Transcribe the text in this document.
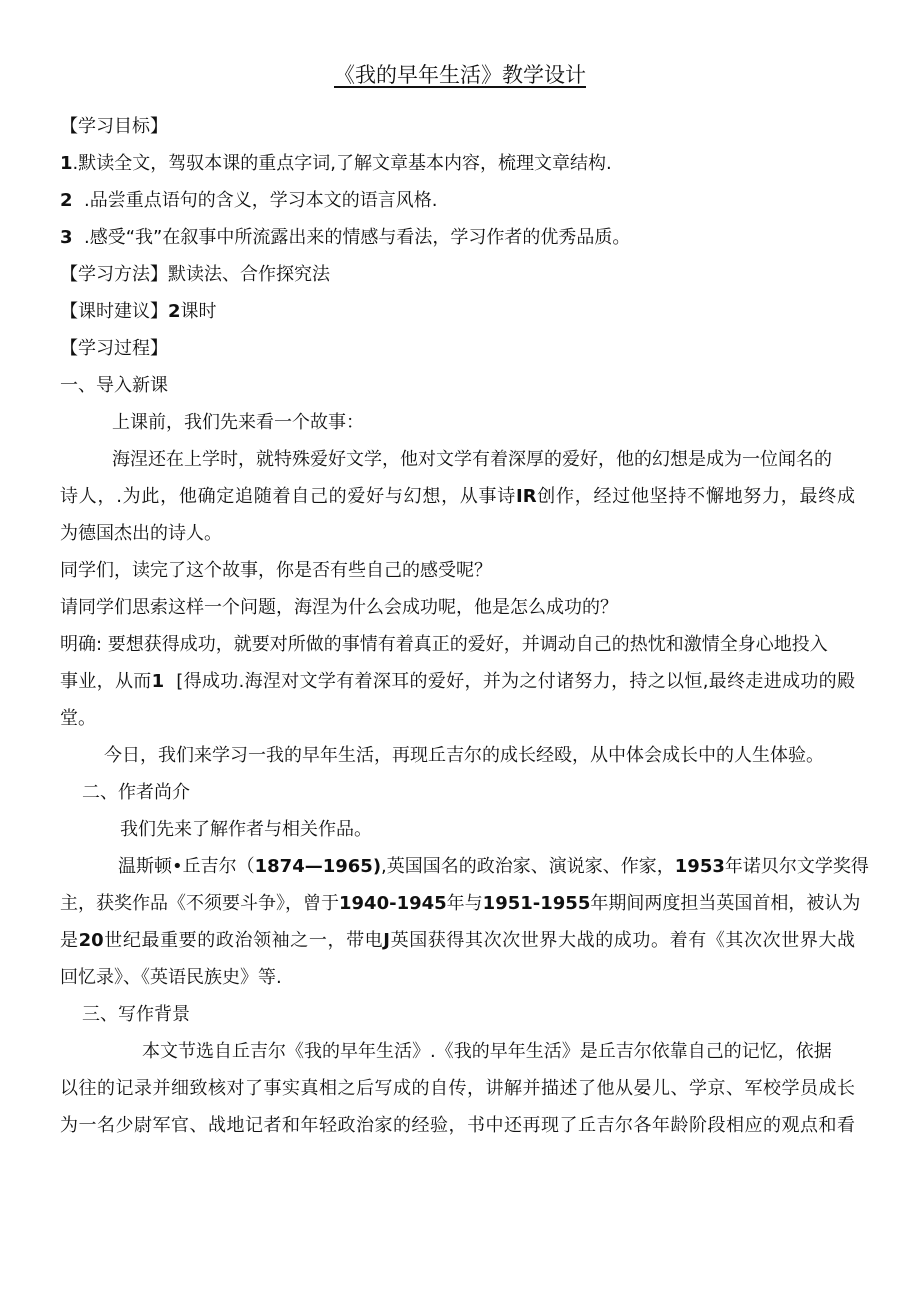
《我的早年生活》教学设计
【学习目标】
1.默读全文，驾驭本课的重点字词,了解文章基本内容，梳理文章结构.
2  .品尝重点语句的含义，学习本文的语言风格.
3  .感受“我”在叙事中所流露出来的情感与看法，学习作者的优秀品质。
【学习方法】默读法、合作探究法
【课时建议】2课时
【学习过程】
一、导入新课
上课前，我们先来看一个故事：
海涅还在上学时，就特殊爱好文学，他对文学有着深厚的爱好，他的幻想是成为一位闻名的
诗人，.为此，他确定追随着自己的爱好与幻想，从事诗IR创作，经过他坚持不懈地努力，最终成
为德国杰出的诗人。
同学们，读完了这个故事，你是否有些自己的感受呢？
请同学们思索这样一个问题，海涅为什么会成功呢，他是怎么成功的？
明确: 要想获得成功，就要对所做的事情有着真正的爱好，并调动自己的热忱和激情全身心地投入
事业，从而1  [得成功.海涅对文学有着深耳的爱好，并为之付诸努力，持之以恒,最终走进成功的殿
堂。
今日，我们来学习一我的早年生活，再现丘吉尔的成长经殴，从中体会成长中的人生体验。
二、作者尚介
我们先来了解作者与相关作品。
温斯顿•丘吉尔（1874—1965),英国国名的政治家、演说家、作家，1953年诺贝尔文学奖得
主，获奖作品《不须要斗争》，曾于1940-1945年与1951-1955年期间两度担当英国首相，被认为
是20世纪最重要的政治领袖之一，带电J英国获得其次次世界大战的成功。着有《其次次世界大战
回忆录》、《英语民族史》等.
三、写作背景
本文节选自丘吉尔《我的早年生活》.《我的早年生活》是丘吉尔依靠自己的记忆，依据
以往的记录并细致核对了事实真相之后写成的自传，讲解并描述了他从晏儿、学京、军校学员成长
为一名少尉军官、战地记者和年轻政治家的经验，书中还再现了丘吉尔各年龄阶段相应的观点和看
